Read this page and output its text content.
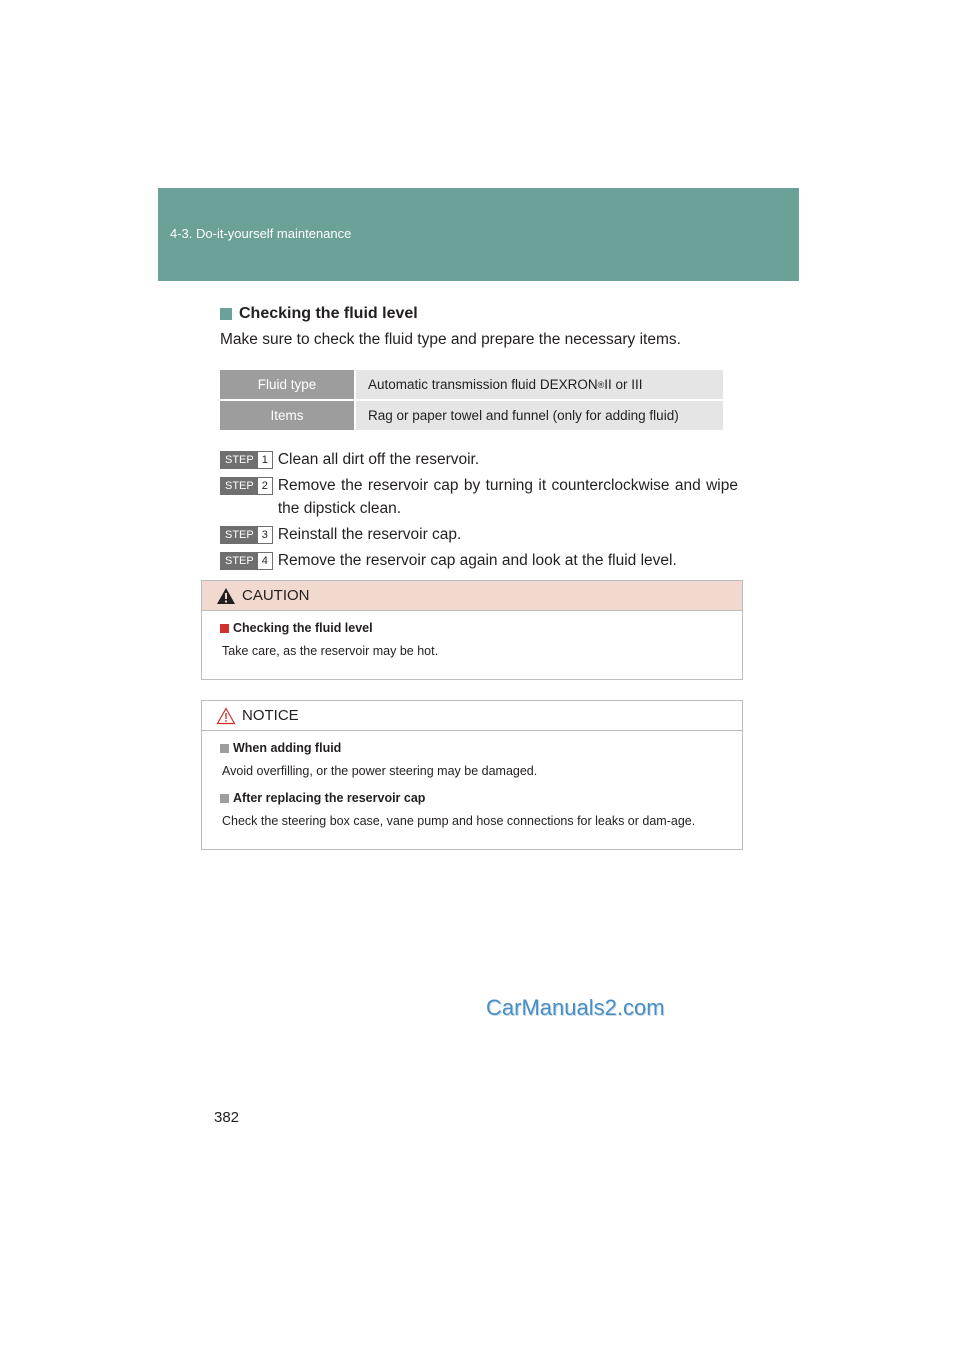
4-3. Do-it-yourself maintenance
Checking the fluid level
Make sure to check the fluid type and prepare the necessary items.
Fluid type	Automatic transmission fluid DEXRON ® II or III
Items	Rag or paper towel and funnel (only for adding fluid)
STEP 1 Clean all dirt off the reservoir.
STEP 2 Remove the reservoir cap by turning it counterclockwise and wipe the dipstick clean.
STEP 3 Reinstall the reservoir cap.
STEP 4 Remove the reservoir cap again and look at the fluid level.
CAUTION
Checking the fluid level
Take care, as the reservoir may be hot.
NOTICE
When adding fluid
Avoid overfilling, or the power steering may be damaged.
After replacing the reservoir cap
Check the steering box case, vane pump and hose connections for leaks or dam-age.
CarManuals2.com
382
